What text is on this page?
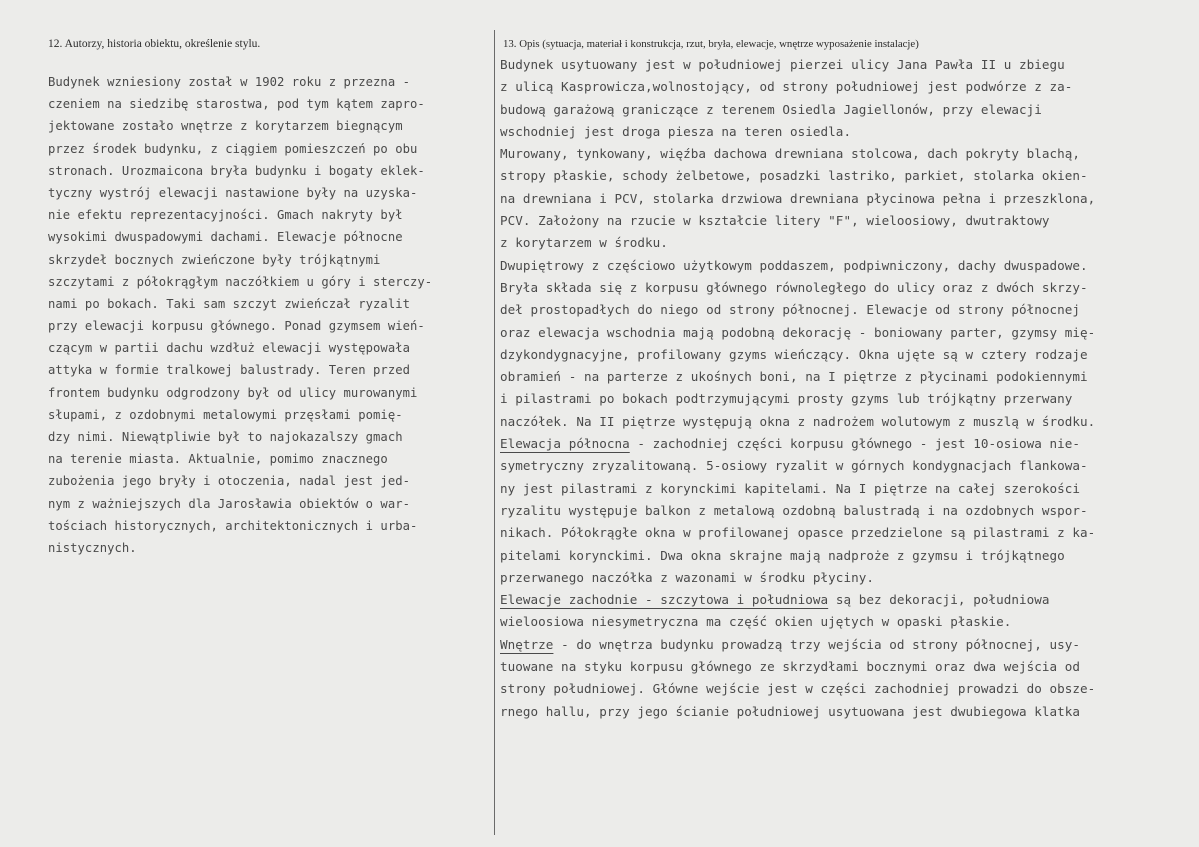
12. Autorzy, historia obiektu, określenie stylu.	13. Opis (sytuacja, materiał i konstrukcja, rzut, bryła, elewacje, wnętrze wyposażenie instalacje)
Budynek wzniesiony został w 1902 roku z przezna -
czeniem na siedzibę starostwa, pod tym kątem zapro-
jektowane zostało wnętrze z korytarzem biegnącym
przez środek budynku, z ciągiem pomieszczeń po obu
stronach. Urozmaicona bryła budynku i bogaty eklek-
tyczny wystrój elewacji nastawione były na uzyska-
nie efektu reprezentacyjności. Gmach nakryty był
wysokimi dwuspadowymi dachami. Elewacje północne
skrzydeł bocznych zwieńczone były trójkątnymi
szczytami z półokrągłym naczółkiem u góry i sterczy-
nami po bokach. Taki sam szczyt zwieńczał ryzalit
przy elewacji korpusu głównego. Ponad gzymsem wień-
czącym w partii dachu wzdłuż elewacji występowała
attyka w formie tralkowej balustrady. Teren przed
frontem budynku odgrodzony był od ulicy murowanymi
słupami, z ozdobnymi metalowymi przęsłami pomię-
dzy nimi. Niewątpliwie był to najokazalszy gmach
na terenie miasta. Aktualnie, pomimo znacznego
zubożenia jego bryły i otoczenia, nadal jest jed-
nym z ważniejszych dla Jarosławia obiektów o war-
tościach historycznych, architektonicznych i urba-
nistycznych.
Budynek usytuowany jest w południowej pierzei ulicy Jana Pawła II u zbiegu
z ulicą Kasprowicza,wolnostojący, od strony południowej jest podwórze z za-
budową garażową graniczące z terenem Osiedla Jagiellonów, przy elewacji
wschodniej jest droga piesza na teren osiedla.
Murowany, tynkowany, więźba dachowa drewniana stolcowa, dach pokryty blachą,
stropy płaskie, schody żelbetowe, posadzki lastriko, parkiet, stolarka okien-
na drewniana i PCV, stolarka drzwiowa drewniana płycinowa pełna i przeszklona,
PCV. Założony na rzucie w kształcie litery "F", wieloosiowy, dwutraktowy
z korytarzem w środku.
Dwupiętrowy z częściowo użytkowym poddaszem, podpiwniczony, dachy dwuspadowe.
Bryła składa się z korpusu głównego równoległego do ulicy oraz z dwóch skrzy-
deł prostopadłych do niego od strony północnej. Elewacje od strony północnej
oraz elewacja wschodnia mają podobną dekorację - boniowany parter, gzymsy mię-
dzykondygnacyjne, profilowany gzyms wieńczący. Okna ujęte są w cztery rodzaje
obramień - na parterze z ukośnych boni, na I piętrze z płycinami podokiennymi
i pilastrami po bokach podtrzymującymi prosty gzyms lub trójkątny przerwany
naczółek. Na II piętrze występują okna z nadrożem wolutowym z muszlą w środku.
Elewacja północna - zachodniej części korpusu głównego - jest 10-osiowa nie-
symetryczny zryzalitowaną. 5-osiowy ryzalit w górnych kondygnacjach flankowa-
ny jest pilastrami z korynckimi kapitelami. Na I piętrze na całej szerokości
ryzalitu występuje balkon z metalową ozdobną balustradą i na ozdobnych wspor-
nikach. Półokrągłe okna w profilowanej opasce przedzielone są pilastrami z ka-
pitelami korynckimi. Dwa okna skrajne mają nadproże z gzymsu i trójkątnego
przerwanego naczółka z wazonami w środku płyciny.
Elewacje zachodnie - szczytowa i południowa są bez dekoracji, południowa
wieloosiowa niesymetryczna ma część okien ujętych w opaski płaskie.
Wnętrze - do wnętrza budynku prowadzą trzy wejścia od strony północnej, usy-
tuowane na styku korpusu głównego ze skrzydłami bocznymi oraz dwa wejścia od
strony południowej. Główne wejście jest w części zachodniej prowadzi do obsze-
rnego hallu, przy jego ścianie południowej usytuowana jest dwubiegowa klatka
